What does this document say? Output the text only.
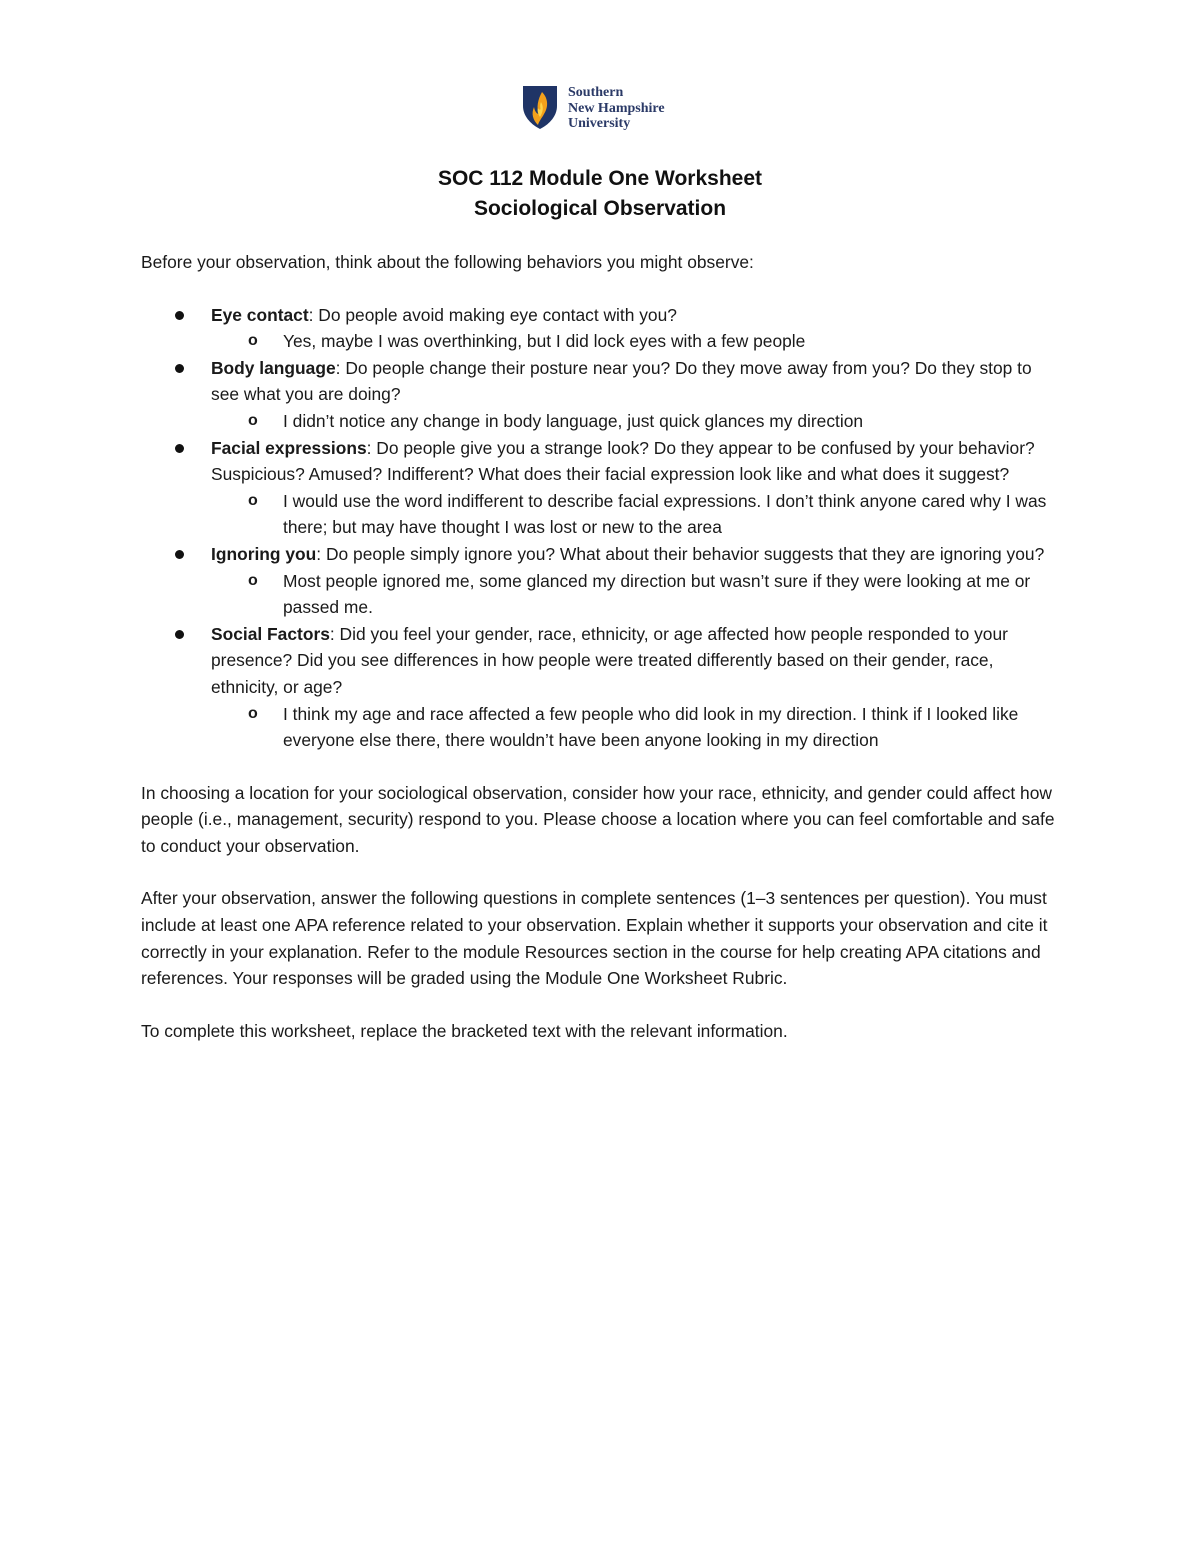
Southern
New Hampshire
University
SOC 112 Module One Worksheet
Sociological Observation

Before your observation, think about the following behaviors you might observe:

Eye contact: Do people avoid making eye contact with you?
o Yes, maybe I was overthinking, but I did lock eyes with a few people
Body language: Do people change their posture near you? Do they move away from you? Do they stop to see what you are doing?
o I didn’t notice any change in body language, just quick glances my direction
Facial expressions: Do people give you a strange look? Do they appear to be confused by your behavior? Suspicious? Amused? Indifferent? What does their facial expression look like and what does it suggest?
o I would use the word indifferent to describe facial expressions. I don’t think anyone cared why I was there; but may have thought I was lost or new to the area
Ignoring you: Do people simply ignore you? What about their behavior suggests that they are ignoring you?
o Most people ignored me, some glanced my direction but wasn’t sure if they were looking at me or passed me.
Social Factors: Did you feel your gender, race, ethnicity, or age affected how people responded to your presence? Did you see differences in how people were treated differently based on their gender, race, ethnicity, or age?
o I think my age and race affected a few people who did look in my direction. I think if I looked like everyone else there, there wouldn’t have been anyone looking in my direction

In choosing a location for your sociological observation, consider how your race, ethnicity, and gender could affect how people (i.e., management, security) respond to you. Please choose a location where you can feel comfortable and safe to conduct your observation.

After your observation, answer the following questions in complete sentences (1–3 sentences per question). You must include at least one APA reference related to your observation. Explain whether it supports your observation and cite it correctly in your explanation. Refer to the module Resources section in the course for help creating APA citations and references. Your responses will be graded using the Module One Worksheet Rubric.

To complete this worksheet, replace the bracketed text with the relevant information.
